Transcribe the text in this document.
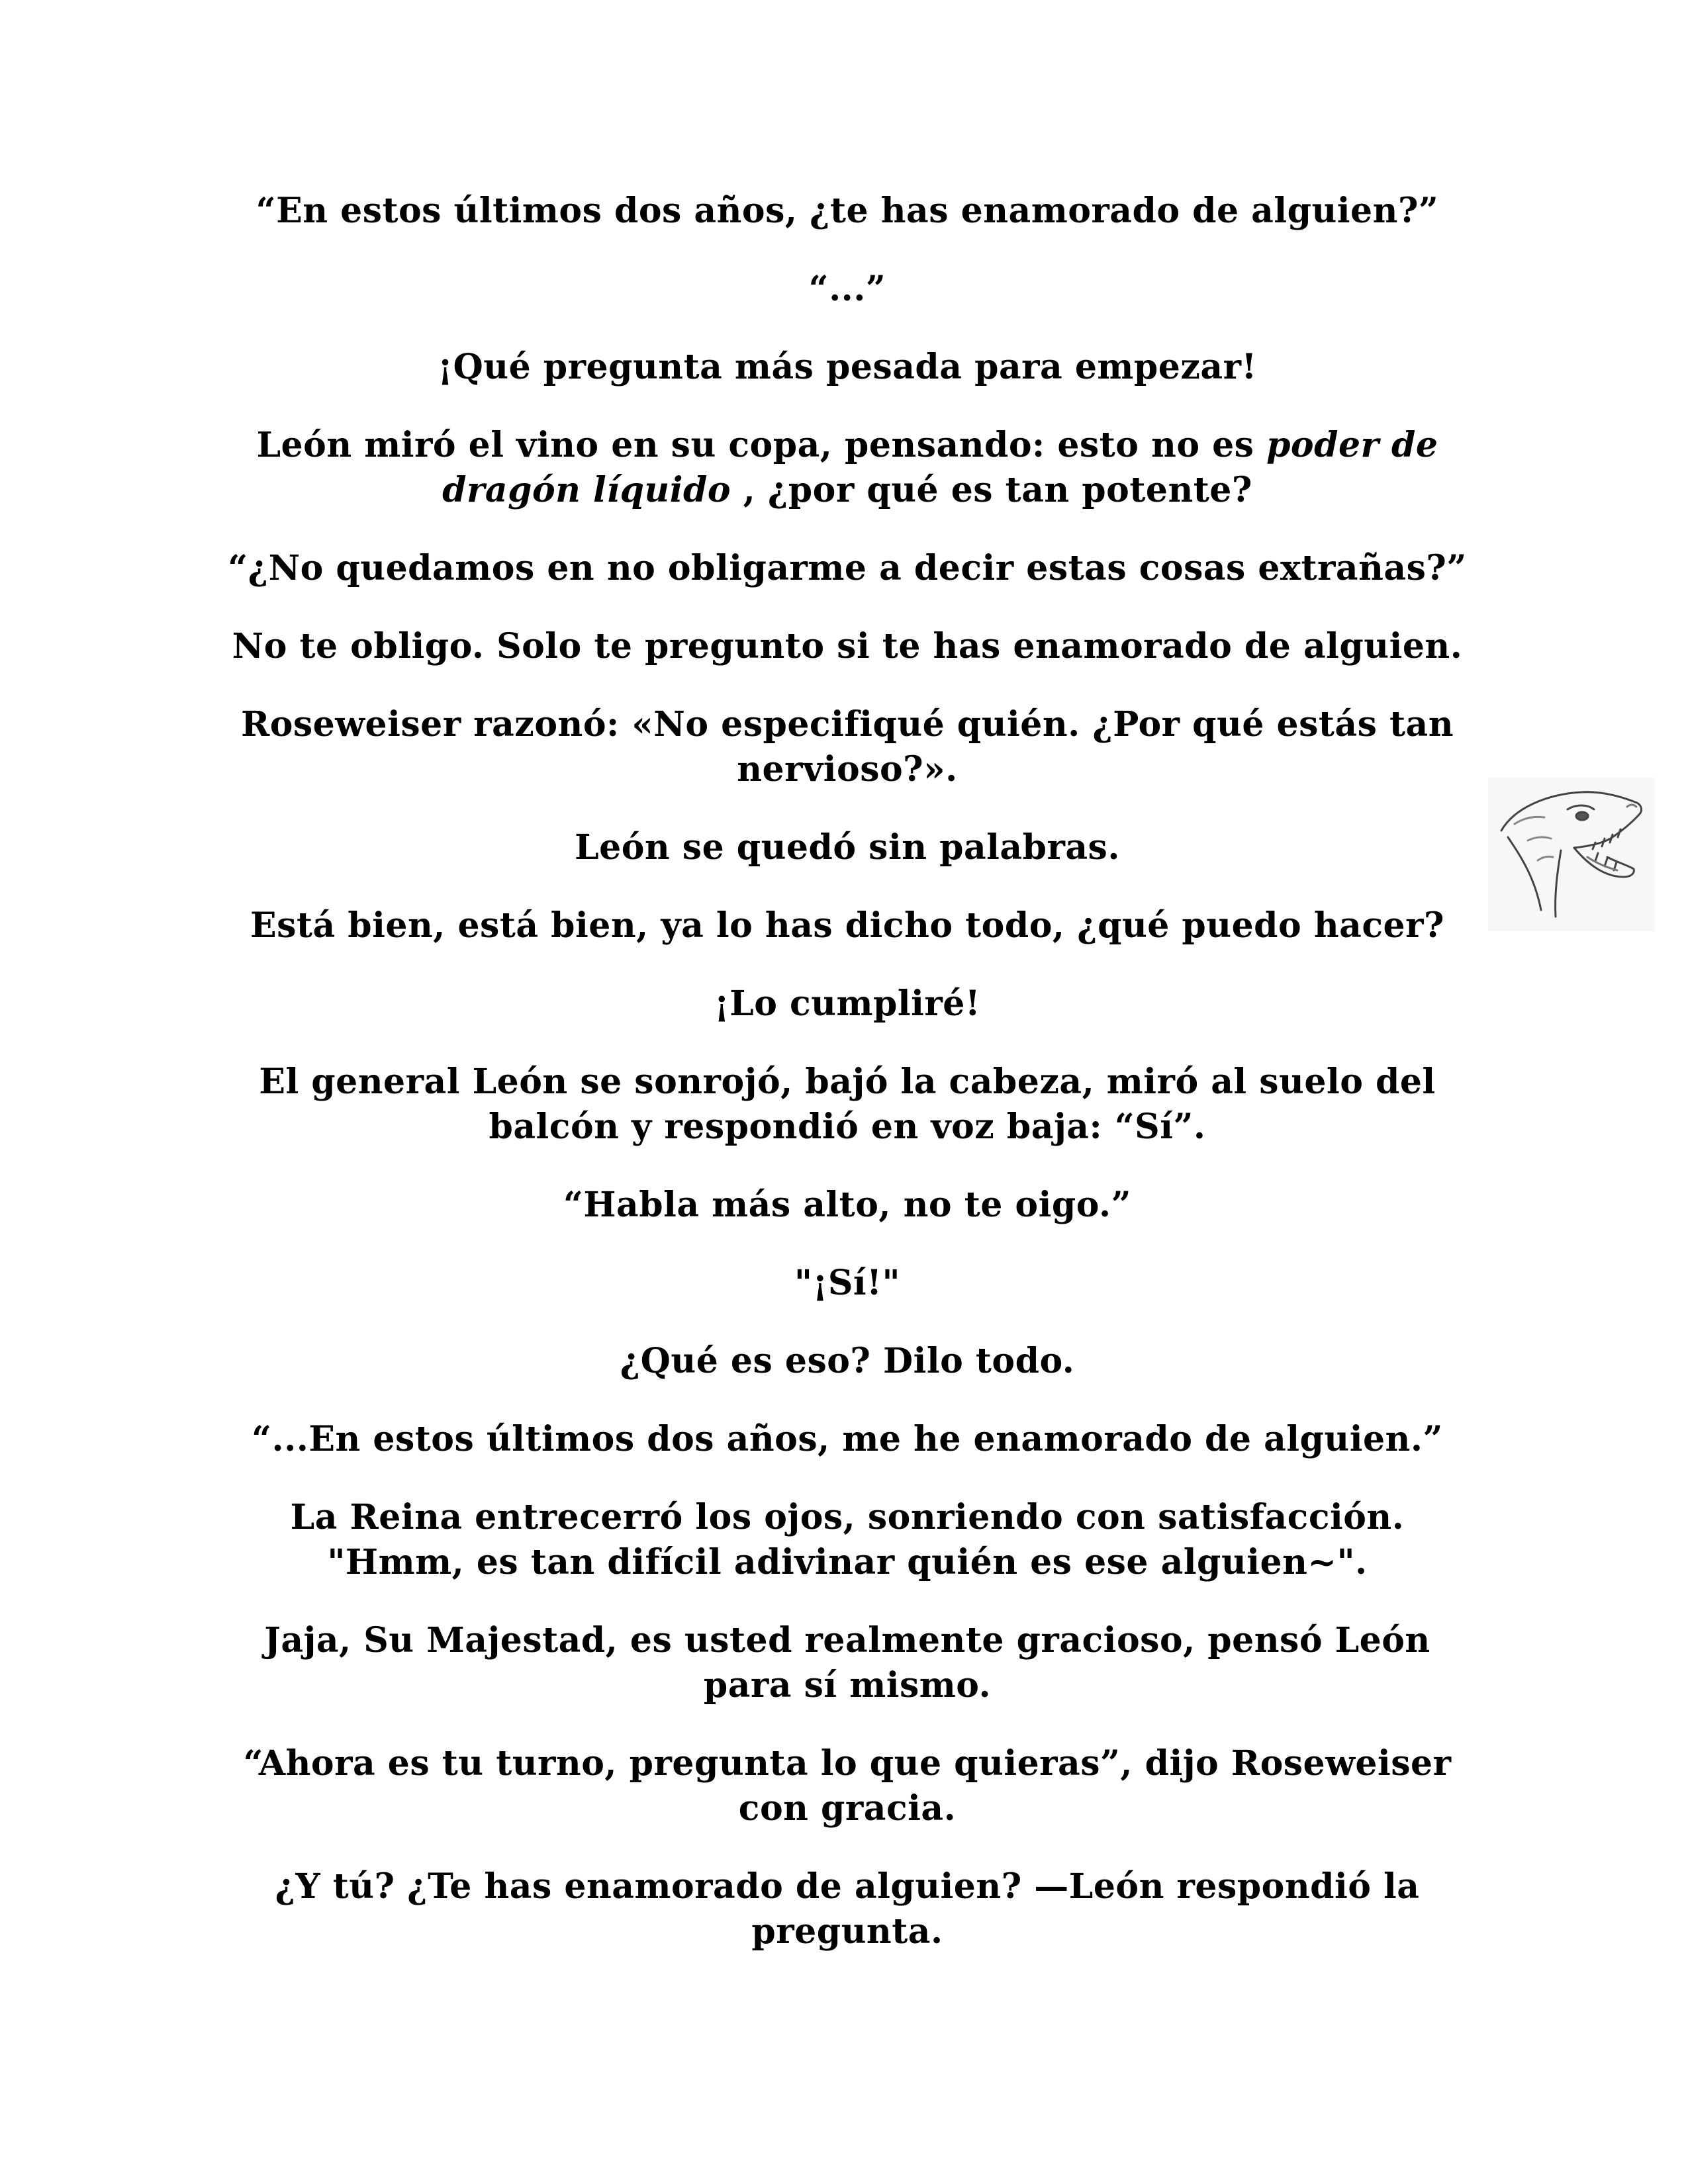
“En estos últimos dos años, ¿te has enamorado de alguien?”

“...”

¡Qué pregunta más pesada para empezar!

León miró el vino en su copa, pensando: esto no es poder de
dragón líquido , ¿por qué es tan potente?

“¿No quedamos en no obligarme a decir estas cosas extrañas?”

No te obligo. Solo te pregunto si te has enamorado de alguien.

Roseweiser razonó: «No especifiqué quién. ¿Por qué estás tan
nervioso?».

León se quedó sin palabras.

Está bien, está bien, ya lo has dicho todo, ¿qué puedo hacer?

¡Lo cumpliré!

El general León se sonrojó, bajó la cabeza, miró al suelo del
balcón y respondió en voz baja: “Sí”.

“Habla más alto, no te oigo.”

"¡Sí!"

¿Qué es eso? Dilo todo.

“...En estos últimos dos años, me he enamorado de alguien.”

La Reina entrecerró los ojos, sonriendo con satisfacción.
"Hmm, es tan difícil adivinar quién es ese alguien~".

Jaja, Su Majestad, es usted realmente gracioso, pensó León
para sí mismo.

“Ahora es tu turno, pregunta lo que quieras”, dijo Roseweiser
con gracia.

¿Y tú? ¿Te has enamorado de alguien? —León respondió la
pregunta.
